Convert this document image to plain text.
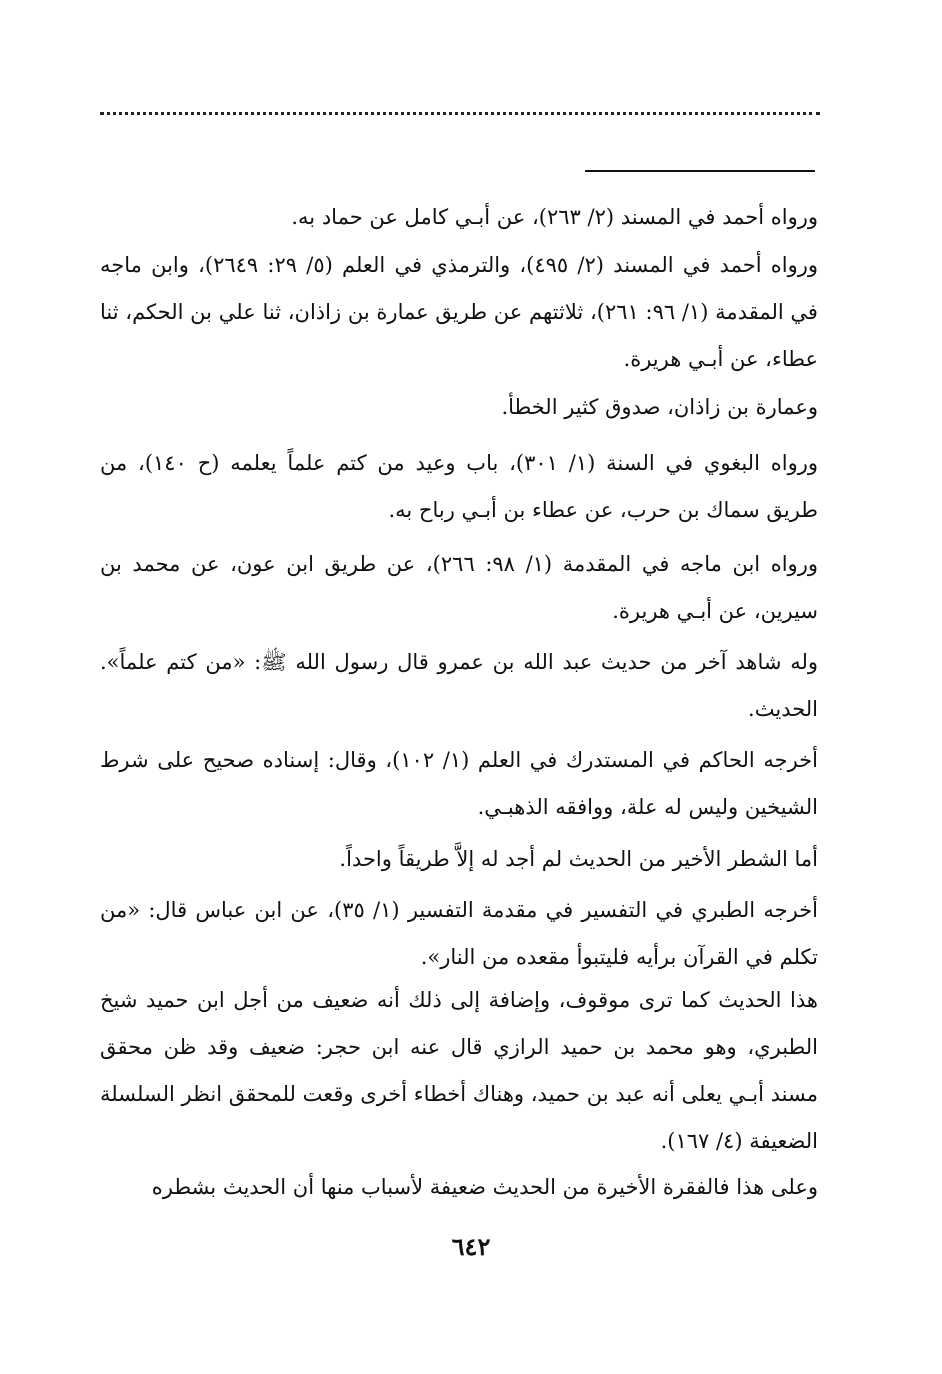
ورواه أحمد في المسند (٢/ ٢٦٣)، عن أبـي كامل عن حماد به.

ورواه أحمد في المسند (٢/ ٤٩٥)، والترمذي في العلم (٥/ ٢٩: ٢٦٤٩)، وابن ماجه في المقدمة (١/ ٩٦: ٢٦١)، ثلاثتهم عن طريق عمارة بن زاذان، ثنا علي بن الحكم، ثنا عطاء، عن أبـي هريرة.

وعمارة بن زاذان، صدوق كثير الخطأ.

ورواه البغوي في السنة (١/ ٣٠١)، باب وعيد من كتم علماً يعلمه (ح ١٤٠)، من طريق سماك بن حرب، عن عطاء بن أبـي رباح به.

ورواه ابن ماجه في المقدمة (١/ ٩٨: ٢٦٦)، عن طريق ابن عون، عن محمد بن سيرين، عن أبـي هريرة.

وله شاهد آخر من حديث عبد الله بن عمرو قال رسول الله ﷺ: «من كتم علماً». الحديث.

أخرجه الحاكم في المستدرك في العلم (١/ ١٠٢)، وقال: إسناده صحيح على شرط الشيخين وليس له علة، ووافقه الذهبـي.

أما الشطر الأخير من الحديث لم أجد له إلاَّ طريقاً واحداً.

أخرجه الطبري في التفسير في مقدمة التفسير (١/ ٣٥)، عن ابن عباس قال: «من تكلم في القرآن برأيه فليتبوأ مقعده من النار».

هذا الحديث كما ترى موقوف، وإضافة إلى ذلك أنه ضعيف من أجل ابن حميد شيخ الطبري، وهو محمد بن حميد الرازي قال عنه ابن حجر: ضعيف وقد ظن محقق مسند أبـي يعلى أنه عبد بن حميد، وهناك أخطاء أخرى وقعت للمحقق انظر السلسلة الضعيفة (٤/ ١٦٧).

وعلى هذا فالفقرة الأخيرة من الحديث ضعيفة لأسباب منها أن الحديث بشطره

٦٤٢
